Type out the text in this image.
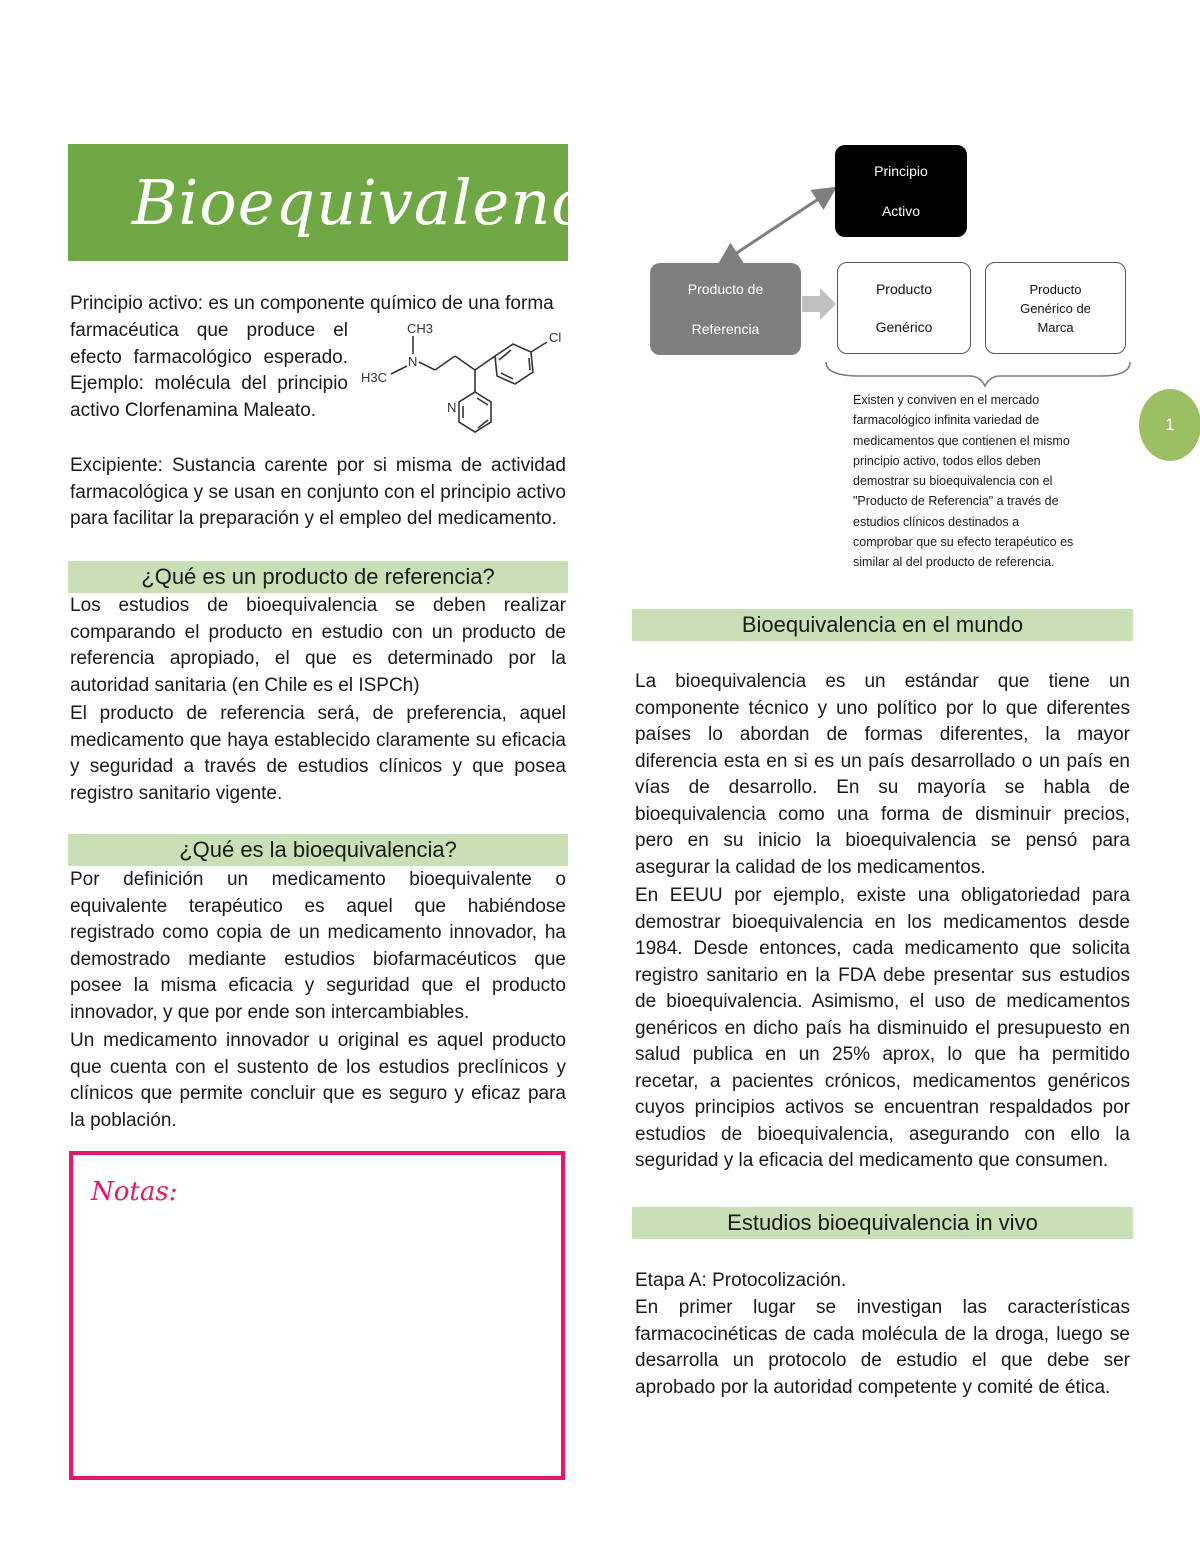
Bioequivalencia

Principio activo: es un componente químico de una forma

farmacéutica que produce el efecto farmacológico esperado. Ejemplo: molécula del principio activo Clorfenamina Maleato.

CH3
N
H3C
Cl
N

Excipiente: Sustancia carente por si misma de actividad farmacológica y se usan en conjunto con el principio activo para facilitar la preparación y el empleo del medicamento.

¿Qué es un producto de referencia?

Los estudios de bioequivalencia se deben realizar comparando el producto en estudio con un producto de referencia apropiado, el que es determinado por la autoridad sanitaria (en Chile es el ISPCh)

El producto de referencia será, de preferencia, aquel medicamento que haya establecido claramente su eficacia y seguridad a través de estudios clínicos y que posea registro sanitario vigente.

¿Qué es la bioequivalencia?

Por definición un medicamento bioequivalente o equivalente terapéutico es aquel que habiéndose registrado como copia de un medicamento innovador, ha demostrado mediante estudios biofarmacéuticos que posee la misma eficacia y seguridad que el producto innovador, y que por ende son intercambiables.

Un medicamento innovador u original es aquel producto que cuenta con el sustento de los estudios preclínicos y clínicos que permite concluir que es seguro y eficaz para la población.

Notas:
Principio
Activo
Producto de
Referencia
Producto
Genérico
Producto
Genérico de
Marca

Existen y conviven en el mercado

farmacológico infinita variedad de

medicamentos que contienen el mismo

principio activo, todos ellos deben

demostrar su bioequivalencia con el

"Producto de Referencia" a través de

estudios clínicos destinados a

comprobar que su efecto terapéutico es

similar al del producto de referencia.

1
Bioequivalencia en el mundo

La bioequivalencia es un estándar que tiene un componente técnico y uno político por lo que diferentes países lo abordan de formas diferentes, la mayor diferencia esta en si es un país desarrollado o un país en vías de desarrollo. En su mayoría se habla de bioequivalencia como una forma de disminuir precios, pero en su inicio la bioequivalencia se pensó para asegurar la calidad de los medicamentos.

En EEUU por ejemplo, existe una obligatoriedad para demostrar bioequivalencia en los medicamentos desde 1984. Desde entonces, cada medicamento que solicita registro sanitario en la FDA debe presentar sus estudios de bioequivalencia. Asimismo, el uso de medicamentos genéricos en dicho país ha disminuido el presupuesto en salud publica en un 25% aprox, lo que ha permitido recetar, a pacientes crónicos, medicamentos genéricos cuyos principios activos se encuentran respaldados por estudios de bioequivalencia, asegurando con ello la seguridad y la eficacia del medicamento que consumen.

Estudios bioequivalencia in vivo

Etapa A: Protocolización.

En primer lugar se investigan las características farmacocinéticas de cada molécula de la droga, luego se desarrolla un protocolo de estudio el que debe ser aprobado por la autoridad competente y comité de ética.
